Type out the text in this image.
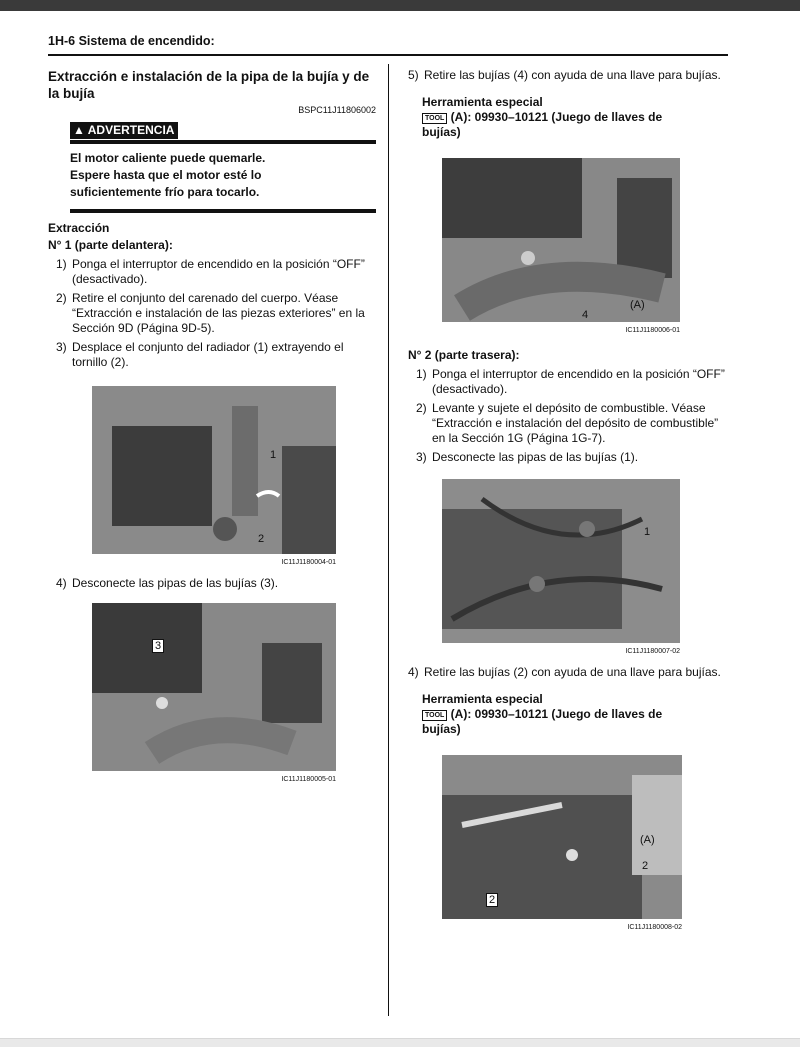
1H-6 Sistema de encendido:

Extracción e instalación de la pipa de la bujía y de la bujía

BSPC11J11806002

▲ ADVERTENCIA
El motor caliente puede quemarle.
Espere hasta que el motor esté lo
suficientemente frío para tocarlo.
Extracción
N° 1 (parte delantera):
1) Ponga el interruptor de encendido en la posición “OFF” (desactivado).
2) Retire el conjunto del carenado del cuerpo. Véase “Extracción e instalación de las piezas exteriores” en la Sección 9D (Página 9D-5).
3) Desplace el conjunto del radiador (1) extrayendo el tornillo (2).
1
2
IC11J1180004-01
4) Desconecte las pipas de las bujías (3).
3
IC11J1180005-01
5) Retire las bujías (4) con ayuda de una llave para bujías.
Herramienta especial
TOOL (A): 09930–10121 (Juego de llaves de
bujías)
4
(A)
IC11J1180006-01
N° 2 (parte trasera):
1) Ponga el interruptor de encendido en la posición “OFF” (desactivado).
2) Levante y sujete el depósito de combustible. Véase “Extracción e instalación del depósito de combustible” en la Sección 1G (Página 1G-7).
3) Desconecte las pipas de las bujías (1).
1
IC11J1180007-02
4) Retire las bujías (2) con ayuda de una llave para bujías.
Herramienta especial
TOOL (A): 09930–10121 (Juego de llaves de
bujías)
(A)
2
2
IC11J1180008-02
